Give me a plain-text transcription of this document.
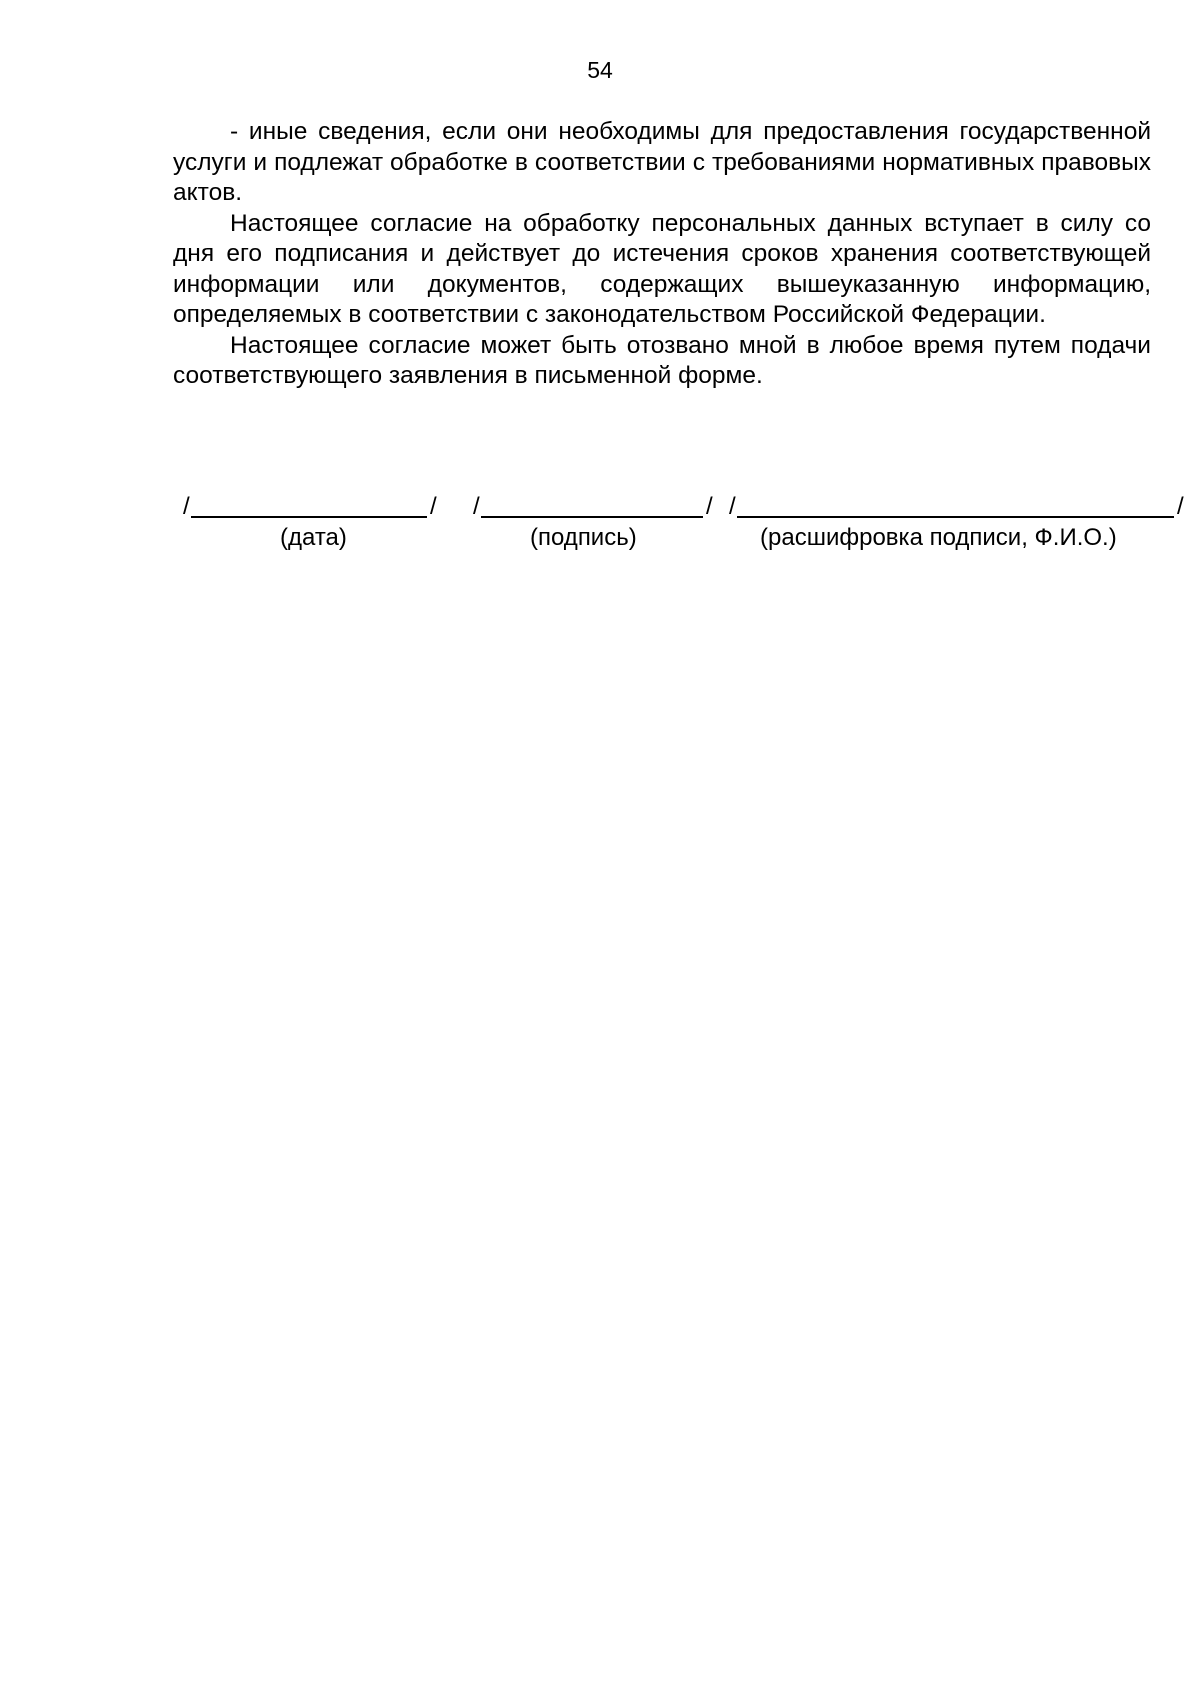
54

- иные сведения, если они необходимы для предоставления государственной услуги и подлежат обработке в соответствии с требованиями нормативных правовых актов.

Настоящее согласие на обработку персональных данных вступает в силу со дня его подписания и действует до истечения сроков хранения соответствующей информации или документов, содержащих вышеуказанную информацию, определяемых в соответствии с законодательством Российской Федерации.

Настоящее согласие может быть отозвано мной в любое время путем подачи соответствующего заявления в письменной форме.

/	/ /	/ /	/
(дата)	(подпись)	(расшифровка подписи, Ф.И.О.)
